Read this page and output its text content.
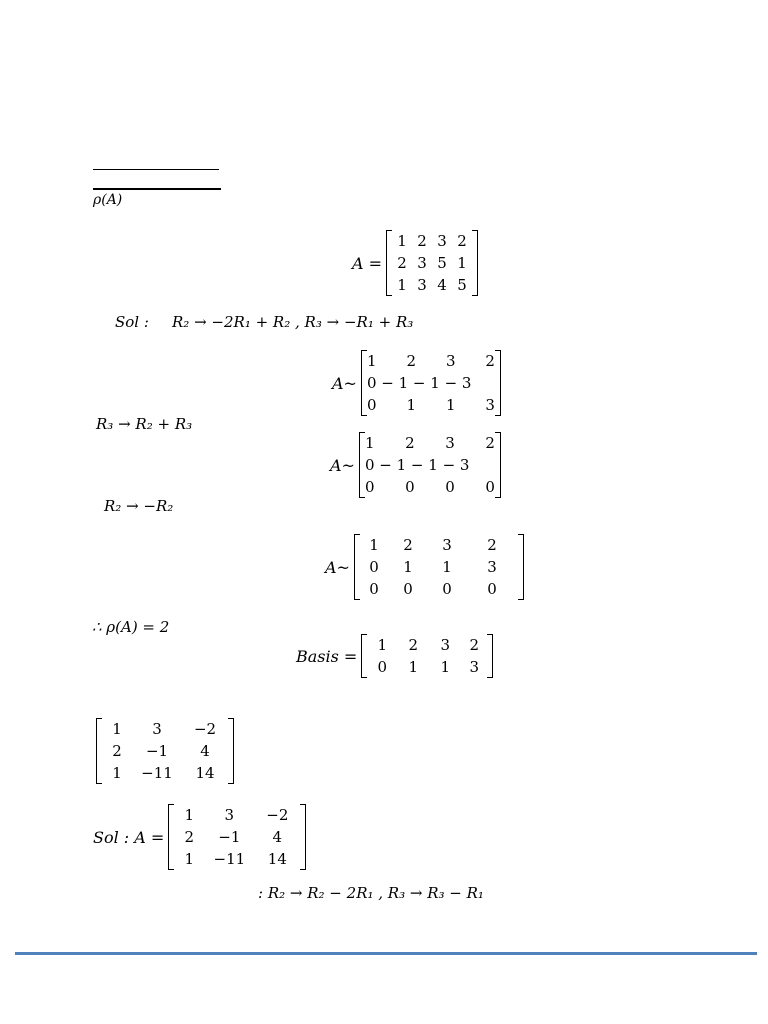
ρ(A)
A =
1 2 3 2
2 3 5 1
1 3 4 5
Sol : R₂ → −2R₁ + R₂ , R₃ → −R₁ + R₃
A~
1 2 3 2
0 − 1 − 1 − 3
0 1 1 3
R₃ → R₂ + R₃
A~
1 2 3 2
0 − 1 − 1 − 3
0 0 0 0
R₂ → −R₂
A~
1	2	3	2
0	1	1	3
0	0	0	0
∴ ρ(A) = 2
Basis =
1	2	3	2
0	1	1	3
1	3	−2
2	−1	4
1	−11	14
Sol : A =
1	3	−2
2	−1	4
1	−11	14
: R₂ → R₂ − 2R₁ , R₃ → R₃ − R₁
